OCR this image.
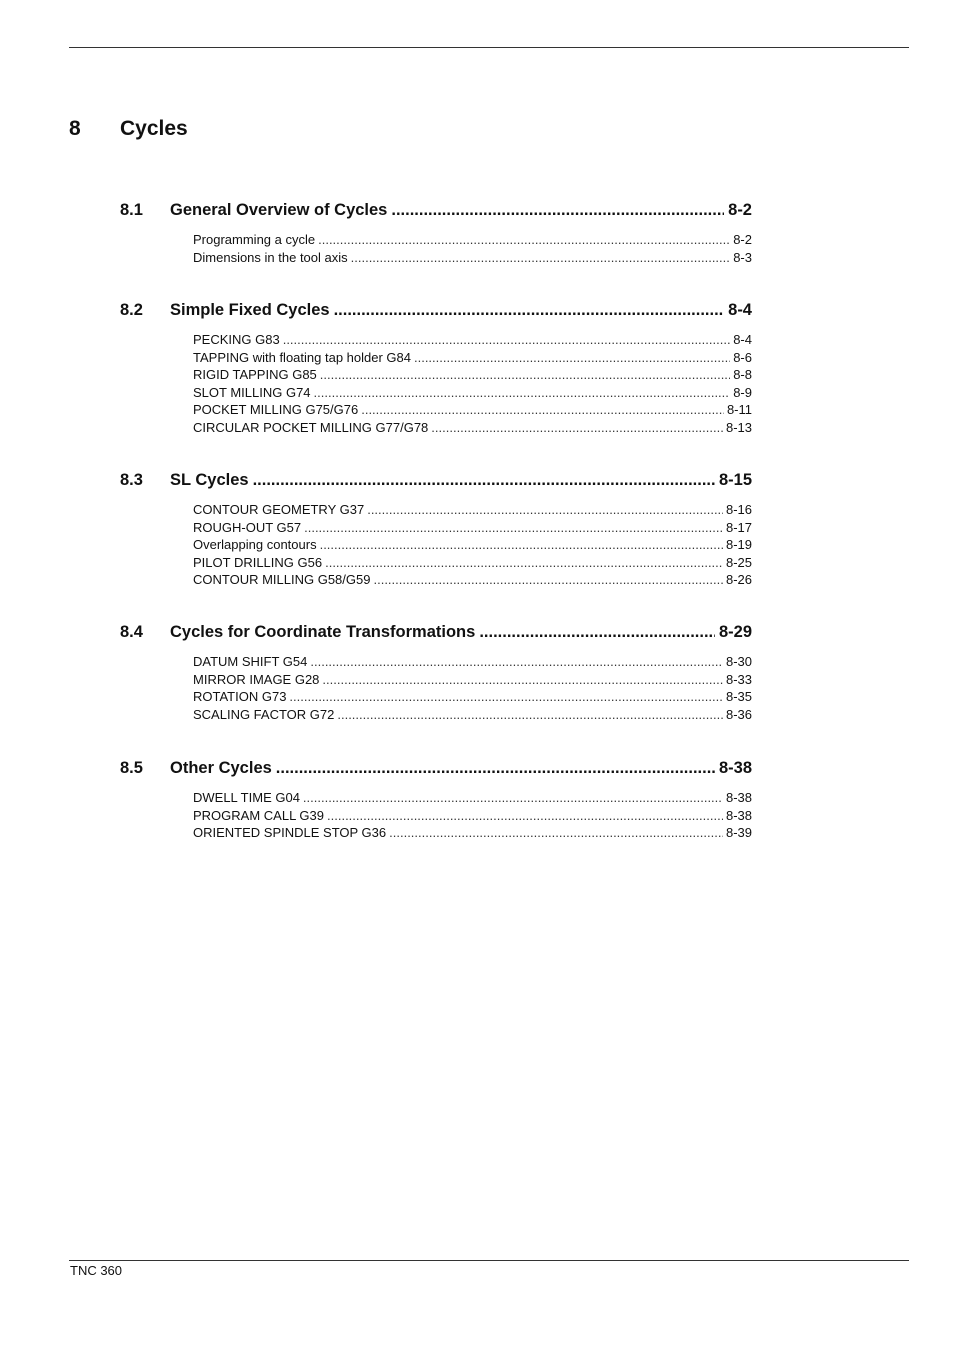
8	Cycles
8.1 General Overview of Cycles .....	8-2
Programming a cycle .....	8-2
Dimensions in the tool axis .....	8-3
8.2 Simple Fixed Cycles .....	8-4
PECKING G83 .....	8-4
TAPPING with floating tap holder G84 .....	8-6
RIGID TAPPING G85 .....	8-8
SLOT MILLING G74 .....	8-9
POCKET MILLING G75/G76 .....	8-11
CIRCULAR POCKET MILLING G77/G78 .....	8-13
8.3 SL Cycles .....	8-15
CONTOUR GEOMETRY G37 .....	8-16
ROUGH-OUT G57 .....	8-17
Overlapping contours .....	8-19
PILOT DRILLING G56 .....	8-25
CONTOUR MILLING G58/G59 .....	8-26
8.4 Cycles for Coordinate Transformations .....	8-29
DATUM SHIFT G54 .....	8-30
MIRROR IMAGE G28 .....	8-33
ROTATION G73 .....	8-35
SCALING FACTOR G72 .....	8-36
8.5 Other Cycles .....	8-38
DWELL TIME G04 .....	8-38
PROGRAM CALL G39 .....	8-38
ORIENTED SPINDLE STOP G36 .....	8-39
TNC 360
